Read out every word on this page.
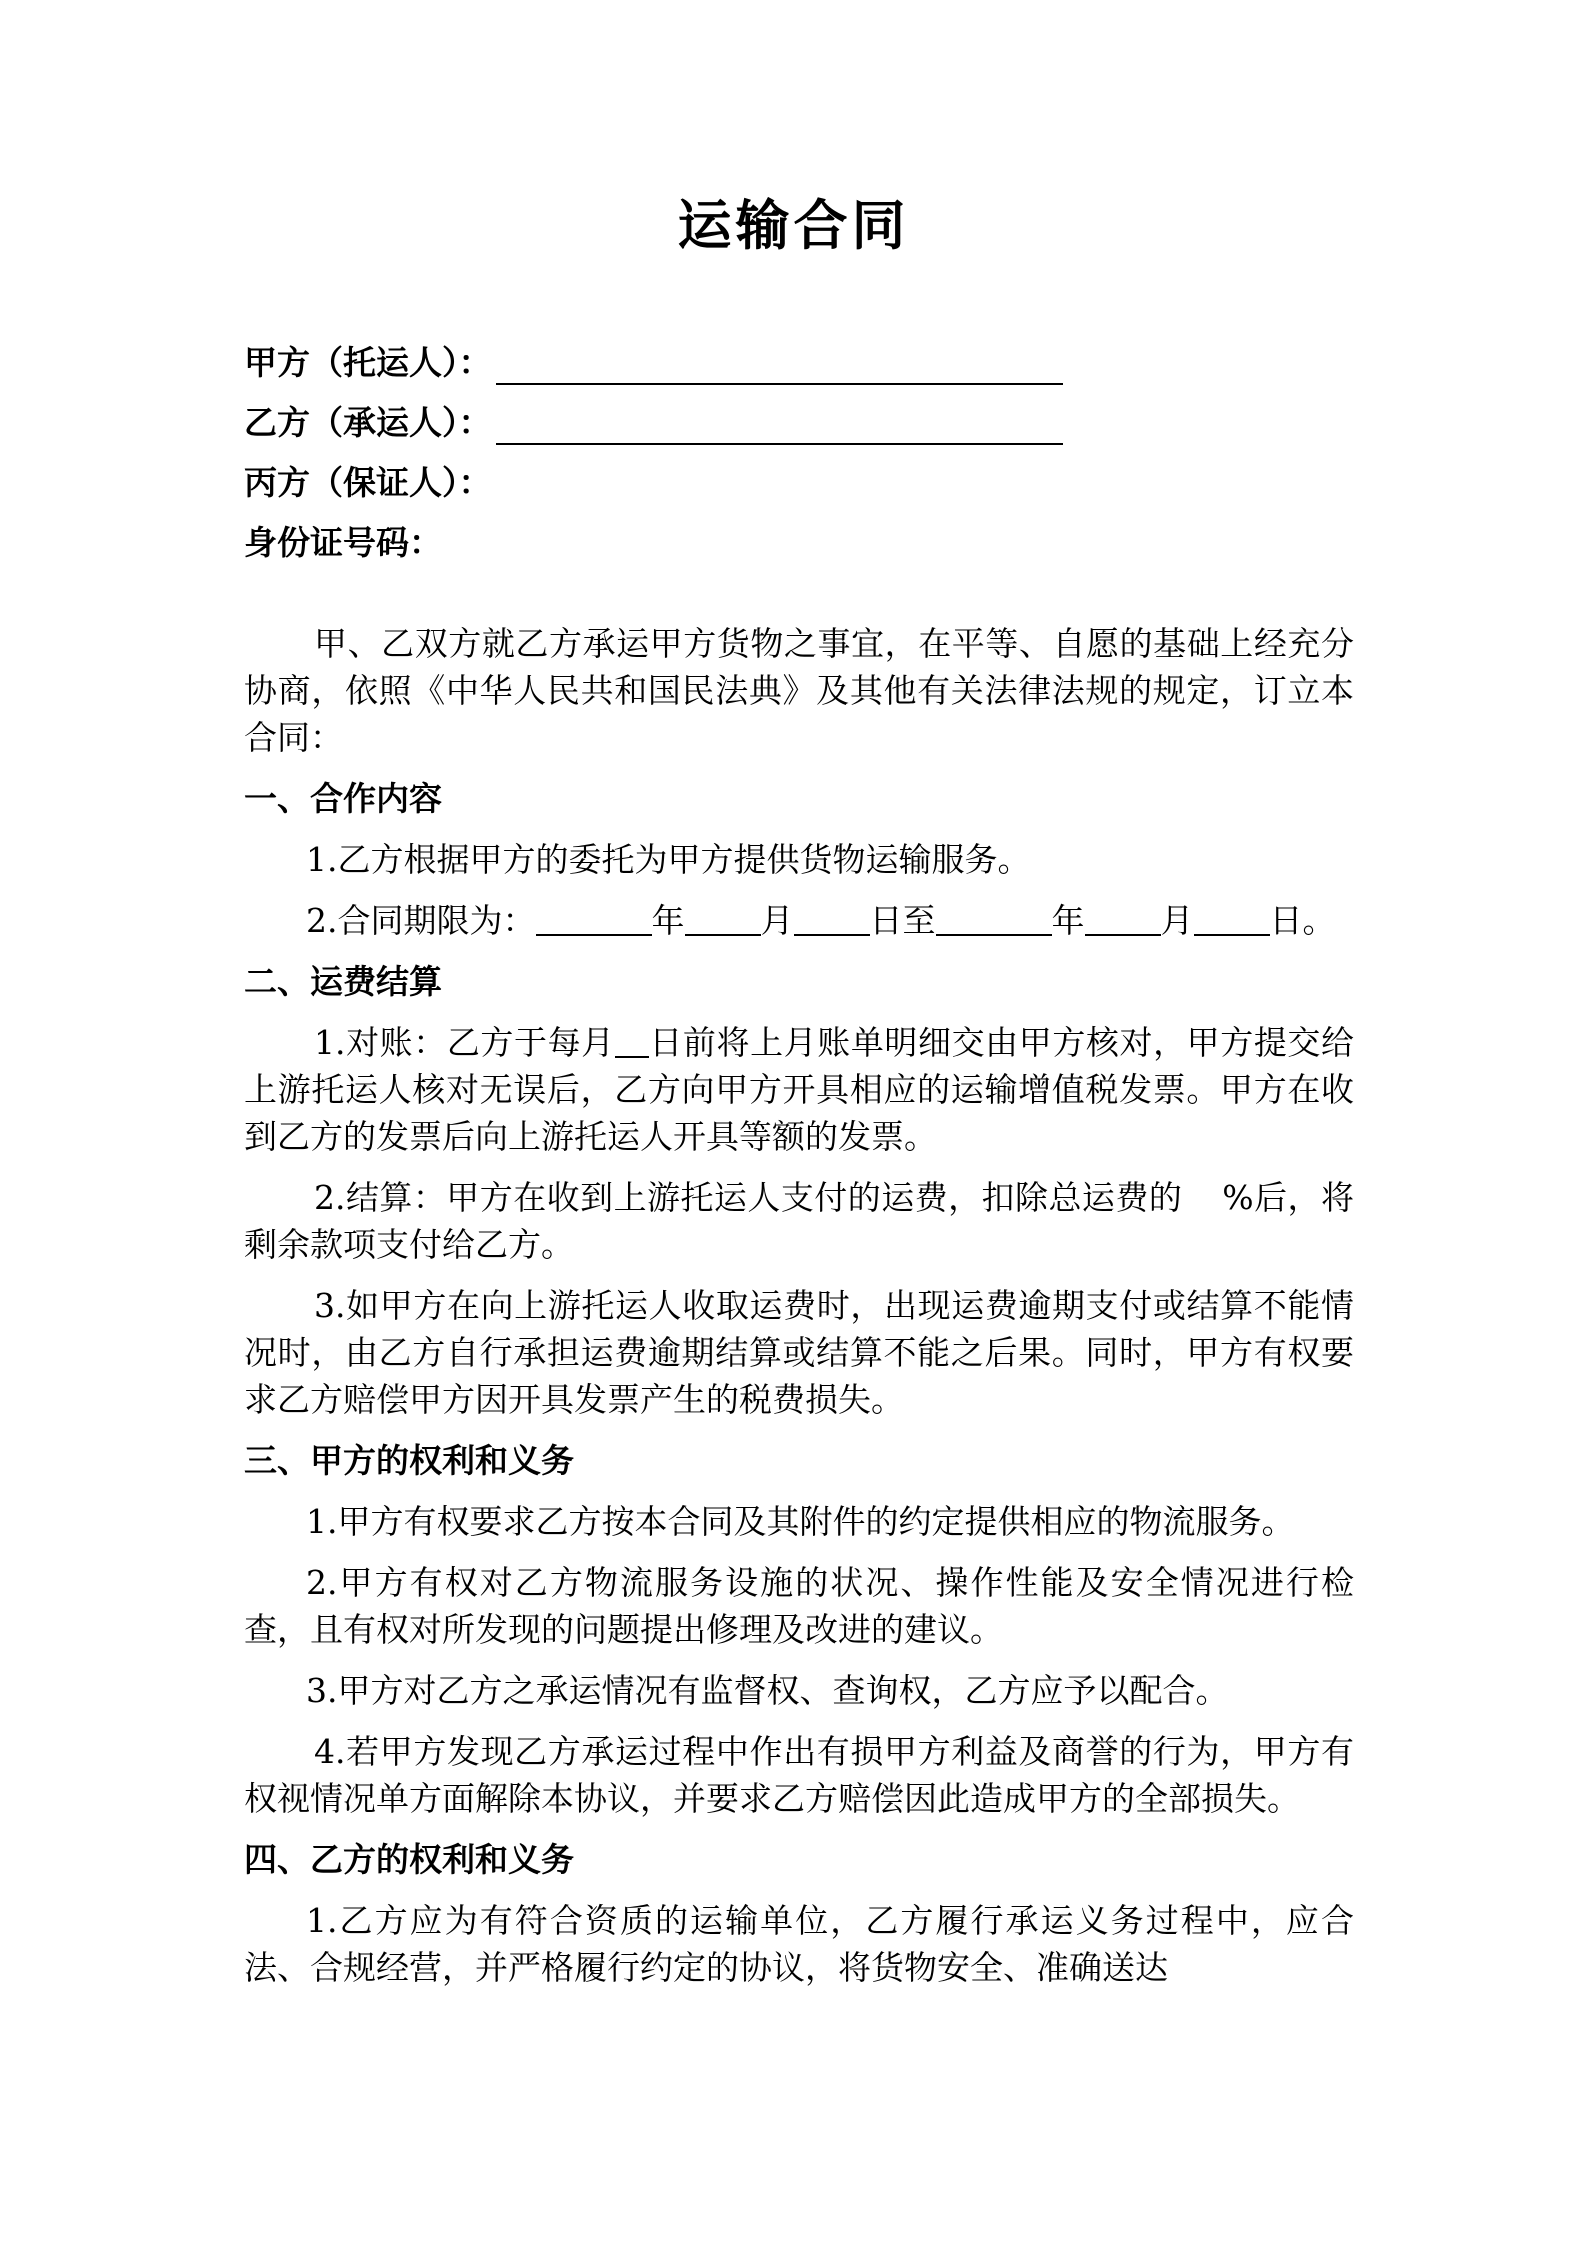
运输合同
甲方（托运人）：
乙方（承运人）：
丙方（保证人）：
身份证号码：

甲、乙双方就乙方承运甲方货物之事宜，在平等、自愿的基础上经充分协商，依照《中华人民共和国民法典》及其他有关法律法规的规定，订立本合同：

一、合作内容

1.乙方根据甲方的委托为甲方提供货物运输服务。

2.合同期限为：	年 月 日至	年 月 日。

二、运费结算

1.对账：乙方于每月 日前将上月账单明细交由甲方核对，甲方提交给上游托运人核对无误后，乙方向甲方开具相应的运输增值税发票。甲方在收到乙方的发票后向上游托运人开具等额的发票。

2.结算：甲方在收到上游托运人支付的运费，扣除总运费的 %后，将剩余款项支付给乙方。

3.如甲方在向上游托运人收取运费时，出现运费逾期支付或结算不能情况时，由乙方自行承担运费逾期结算或结算不能之后果。同时，甲方有权要求乙方赔偿甲方因开具发票产生的税费损失。

三、甲方的权利和义务

1.甲方有权要求乙方按本合同及其附件的约定提供相应的物流服务。

2.甲方有权对乙方物流服务设施的状况、操作性能及安全情况进行检查，且有权对所发现的问题提出修理及改进的建议。

3.甲方对乙方之承运情况有监督权、查询权，乙方应予以配合。

4.若甲方发现乙方承运过程中作出有损甲方利益及商誉的行为，甲方有权视情况单方面解除本协议，并要求乙方赔偿因此造成甲方的全部损失。

四、乙方的权利和义务

1.乙方应为有符合资质的运输单位，乙方履行承运义务过程中，应合法、合规经营，并严格履行约定的协议，将货物安全、准确送达
